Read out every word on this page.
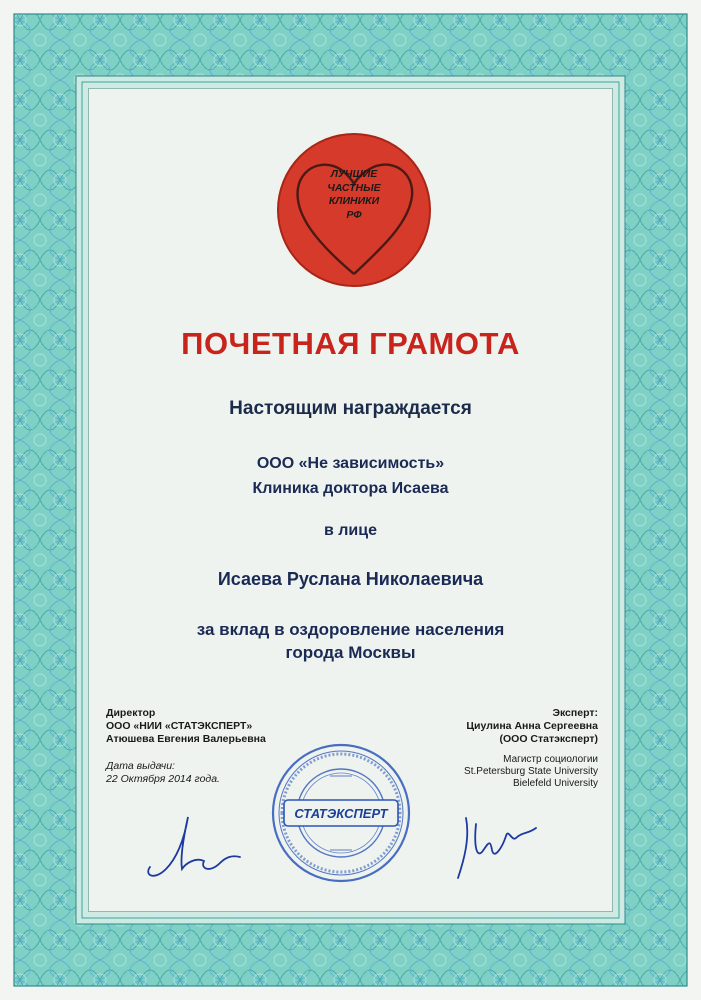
ЛУЧШИЕ
ЧАСТНЫЕ
КЛИНИКИ
РФ
ПОЧЕТНАЯ ГРАМОТА
Настоящим награждается
ООО «Не зависимость»
Клиника доктора Исаева
в лице
Исаева Руслана Николаевича
за вклад в оздоровление населения
города Москвы
Директор
ООО «НИИ «СТАТЭКСПЕРТ»
Атюшева Евгения Валерьевна
Дата выдачи:
22 Октября 2014 года.
Эксперт:
Циулина Анна Сергеевна
(ООО Статэксперт)
Магистр социологии
St.Petersburg State University
Bielefeld University
СТАТЭКСПЕРТ
